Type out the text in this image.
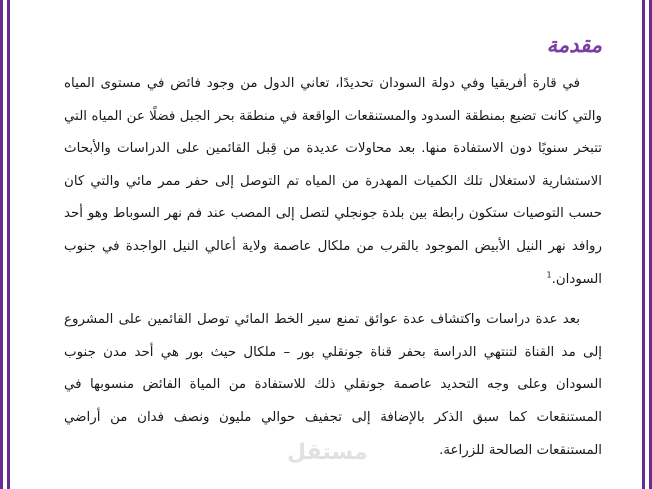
مقدمة

في قارة أفريقيا وفي دولة السودان تحديدًا، تعاني الدول من وجود فائض في مستوى المياه والتي كانت تضيع بمنطقة السدود والمستنقعات الواقعة في منطقة بحر الجبل فضلًا عن المياه التي تتبخر سنويًا دون الاستفادة منها. بعد محاولات عديدة من قِبل القائمين على الدراسات والأبحاث الاستشارية لاستغلال تلك الكميات المهدرة من المياه تم التوصل إلى حفر ممر مائي والتي كان حسب التوصيات ستكون رابطة بين بلدة جونجلي لتصل إلى المصب عند فم نهر السوباط وهو أحد روافد نهر النيل الأبيض الموجود بالقرب من ملكال عاصمة ولاية أعالي النيل الواجدة في جنوب السودان.$^1$

بعد عدة دراسات واكتشاف عدة عوائق تمنع سير الخط المائي توصل القائمين على المشروع إلى مد القناة لتنتهي الدراسة بحفر قناة جونقلي بور – ملكال حيث بور هي أحد مدن جنوب السودان وعلى وجه التحديد عاصمة جونقلي ذلك للاستفادة من المياة الفائض منسوبها في المستنقعات كما سبق الذكر بالإضافة إلى تجفيف حوالي مليون ونصف فدان من أراضي المستنقعات الصالحة للزراعة.

مستقل
